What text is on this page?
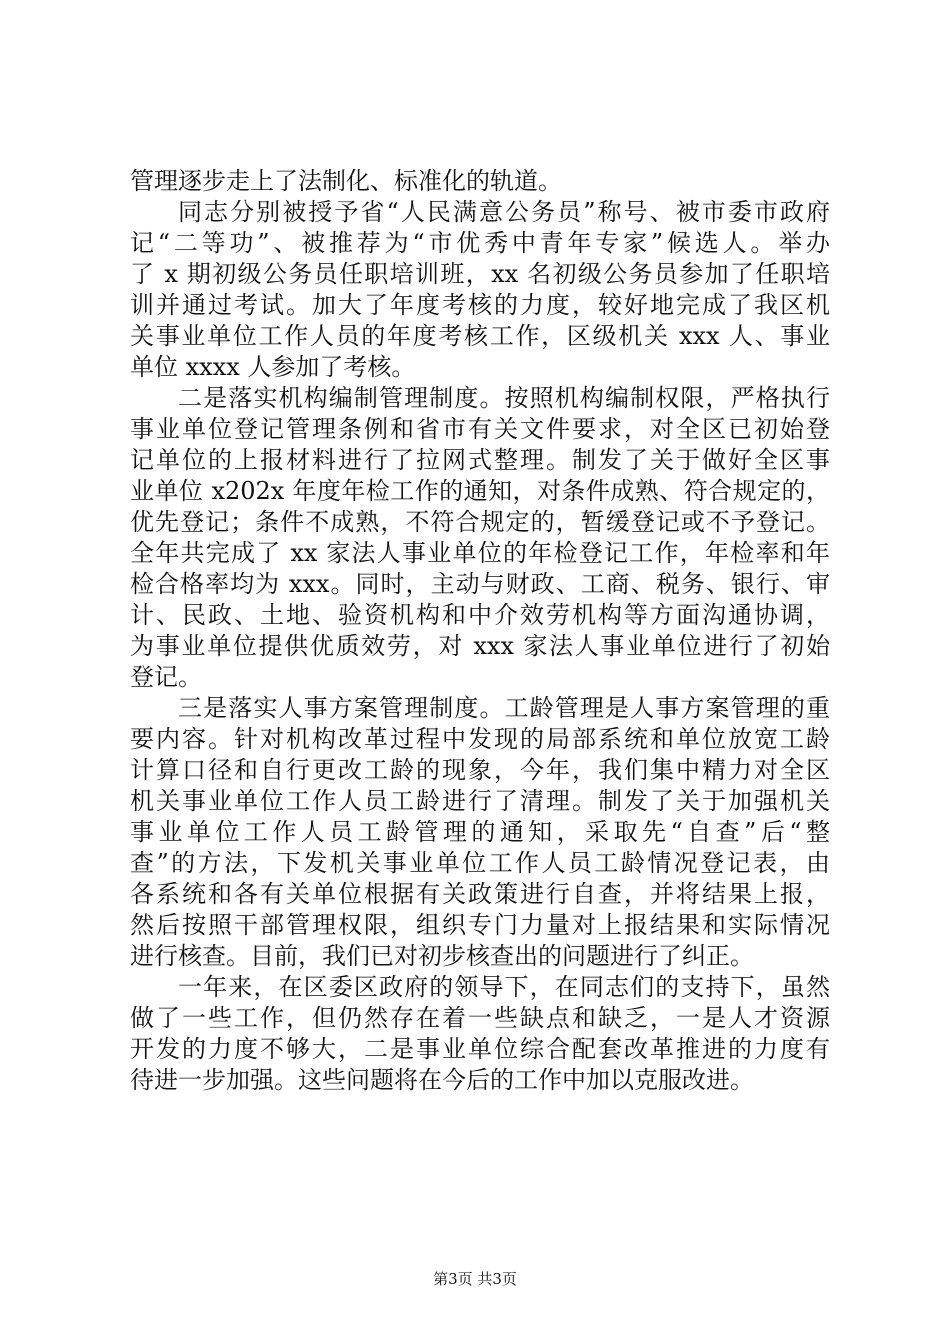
管理逐步走上了法制化、标准化的轨道。
同志分别被授予省“人民满意公务员”称号、被市委市政府
记“二等功”、被推荐为“市优秀中青年专家”候选人。举办
了 x 期初级公务员任职培训班，xx 名初级公务员参加了任职培
训并通过考试。加大了年度考核的力度，较好地完成了我区机
关事业单位工作人员的年度考核工作，区级机关 xxx 人、事业
单位 xxxx 人参加了考核。
二是落实机构编制管理制度。按照机构编制权限，严格执行
事业单位登记管理条例和省市有关文件要求，对全区已初始登
记单位的上报材料进行了拉网式整理。制发了关于做好全区事
业单位 x202x 年度年检工作的通知，对条件成熟、符合规定的，
优先登记；条件不成熟，不符合规定的，暂缓登记或不予登记。
全年共完成了 xx 家法人事业单位的年检登记工作，年检率和年
检合格率均为 xxx。同时，主动与财政、工商、税务、银行、审
计、民政、土地、验资机构和中介效劳机构等方面沟通协调，
为事业单位提供优质效劳，对 xxx 家法人事业单位进行了初始
登记。
三是落实人事方案管理制度。工龄管理是人事方案管理的重
要内容。针对机构改革过程中发现的局部系统和单位放宽工龄
计算口径和自行更改工龄的现象，今年，我们集中精力对全区
机关事业单位工作人员工龄进行了清理。制发了关于加强机关
事业单位工作人员工龄管理的通知，采取先“自查”后“整
查”的方法，下发机关事业单位工作人员工龄情况登记表，由
各系统和各有关单位根据有关政策进行自查，并将结果上报，
然后按照干部管理权限，组织专门力量对上报结果和实际情况
进行核查。目前，我们已对初步核查出的问题进行了纠正。
一年来，在区委区政府的领导下，在同志们的支持下，虽然
做了一些工作，但仍然存在着一些缺点和缺乏，一是人才资源
开发的力度不够大，二是事业单位综合配套改革推进的力度有
待进一步加强。这些问题将在今后的工作中加以克服改进。
第3页 共3页
